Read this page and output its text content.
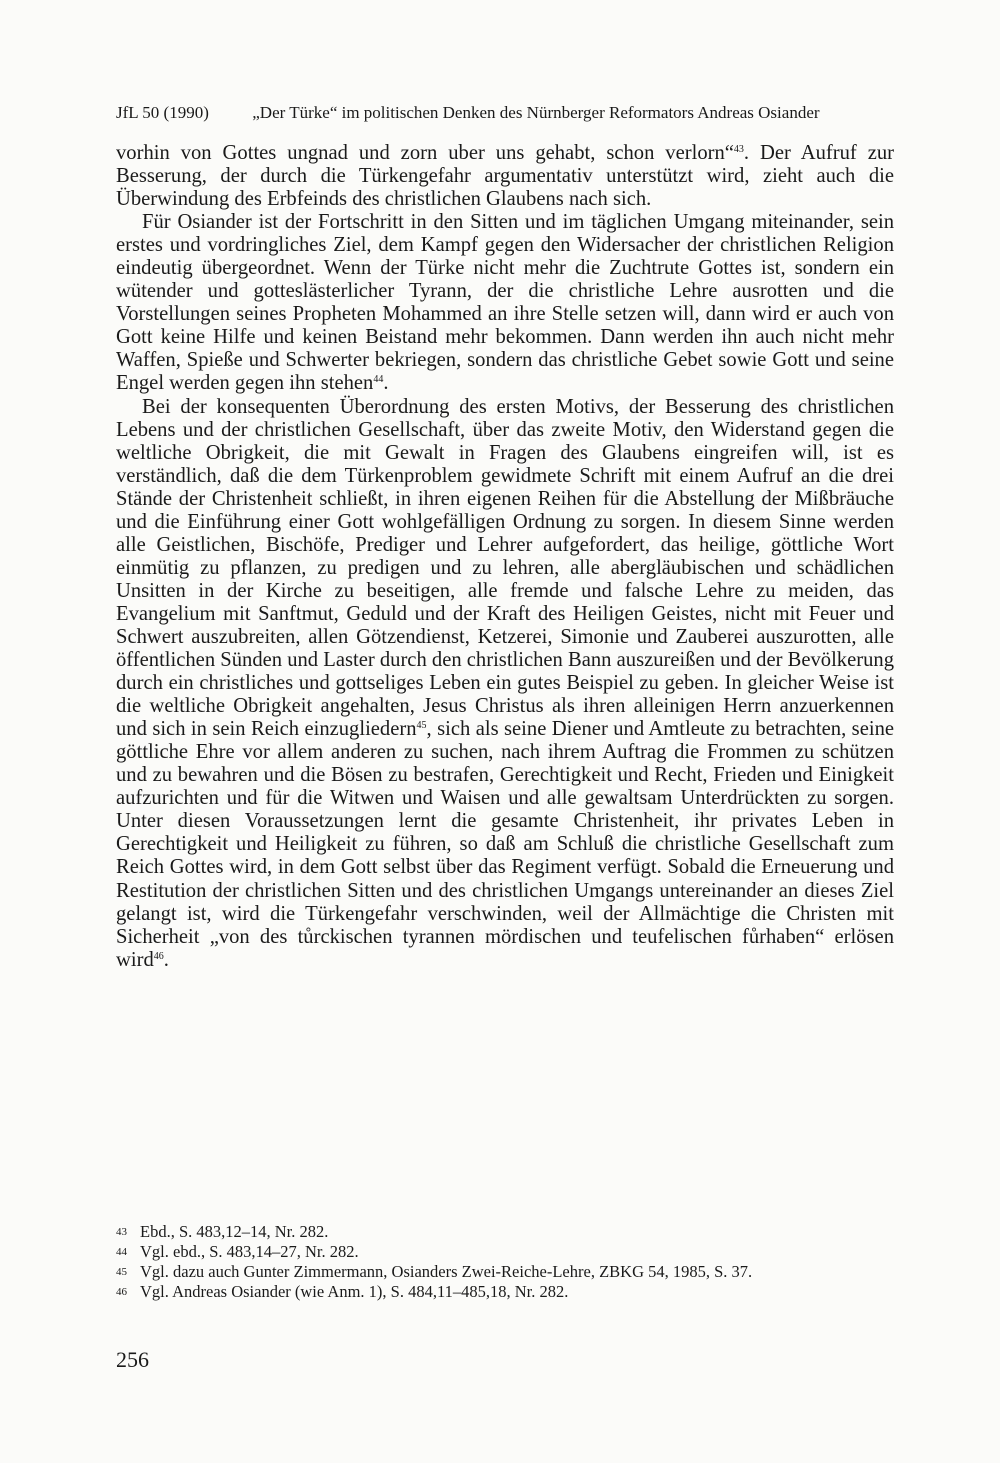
JfL 50 (1990)	„Der Türke“ im politischen Denken des Nürnberger Reformators Andreas Osiander

vorhin von Gottes ungnad und zorn uber uns gehabt, schon verlorn“$^{43}$. Der Aufruf zur Besserung, der durch die Türkengefahr argumentativ unterstützt wird, zieht auch die Überwindung des Erbfeinds des christlichen Glaubens nach sich.

Für Osiander ist der Fortschritt in den Sitten und im täglichen Umgang miteinander, sein erstes und vordringliches Ziel, dem Kampf gegen den Widersacher der christlichen Religion eindeutig übergeordnet. Wenn der Türke nicht mehr die Zuchtrute Gottes ist, sondern ein wütender und gotteslästerlicher Tyrann, der die christliche Lehre ausrotten und die Vorstellungen seines Propheten Mohammed an ihre Stelle setzen will, dann wird er auch von Gott keine Hilfe und keinen Beistand mehr bekommen. Dann werden ihn auch nicht mehr Waffen, Spieße und Schwerter bekriegen, sondern das christliche Gebet sowie Gott und seine Engel werden gegen ihn stehen$^{44}$.

Bei der konsequenten Überordnung des ersten Motivs, der Besserung des christlichen Lebens und der christlichen Gesellschaft, über das zweite Motiv, den Widerstand gegen die weltliche Obrigkeit, die mit Gewalt in Fragen des Glaubens eingreifen will, ist es verständlich, daß die dem Türkenproblem gewidmete Schrift mit einem Aufruf an die drei Stände der Christenheit schließt, in ihren eigenen Reihen für die Abstellung der Mißbräuche und die Einführung einer Gott wohlgefälligen Ordnung zu sorgen. In diesem Sinne werden alle Geistlichen, Bischöfe, Prediger und Lehrer aufgefordert, das heilige, göttliche Wort einmütig zu pflanzen, zu predigen und zu lehren, alle abergläubischen und schädlichen Unsitten in der Kirche zu beseitigen, alle fremde und falsche Lehre zu meiden, das Evangelium mit Sanftmut, Geduld und der Kraft des Heiligen Geistes, nicht mit Feuer und Schwert auszubreiten, allen Götzendienst, Ketzerei, Simonie und Zauberei auszurotten, alle öffentlichen Sünden und Laster durch den christlichen Bann auszureißen und der Bevölkerung durch ein christliches und gottseliges Leben ein gutes Beispiel zu geben. In gleicher Weise ist die weltliche Obrigkeit angehalten, Jesus Christus als ihren alleinigen Herrn anzuerkennen und sich in sein Reich einzugliedern$^{45}$, sich als seine Diener und Amtleute zu betrachten, seine göttliche Ehre vor allem anderen zu suchen, nach ihrem Auftrag die Frommen zu schützen und zu bewahren und die Bösen zu bestrafen, Gerechtigkeit und Recht, Frieden und Einigkeit aufzurichten und für die Witwen und Waisen und alle gewaltsam Unterdrückten zu sorgen. Unter diesen Voraussetzungen lernt die gesamte Christenheit, ihr privates Leben in Gerechtigkeit und Heiligkeit zu führen, so daß am Schluß die christliche Gesellschaft zum Reich Gottes wird, in dem Gott selbst über das Regiment verfügt. Sobald die Erneuerung und Restitution der christlichen Sitten und des christlichen Umgangs untereinander an dieses Ziel gelangt ist, wird die Türkengefahr verschwinden, weil der Allmächtige die Christen mit Sicherheit „von des tůrckischen tyrannen mördischen und teufelischen fůrhaben“ erlösen wird$^{46}$.

43 Ebd., S. 483,12–14, Nr. 282.
44 Vgl. ebd., S. 483,14–27, Nr. 282.
45 Vgl. dazu auch Gunter Zimmermann, Osianders Zwei-Reiche-Lehre, ZBKG 54, 1985, S. 37.
46 Vgl. Andreas Osiander (wie Anm. 1), S. 484,11–485,18, Nr. 282.
256
